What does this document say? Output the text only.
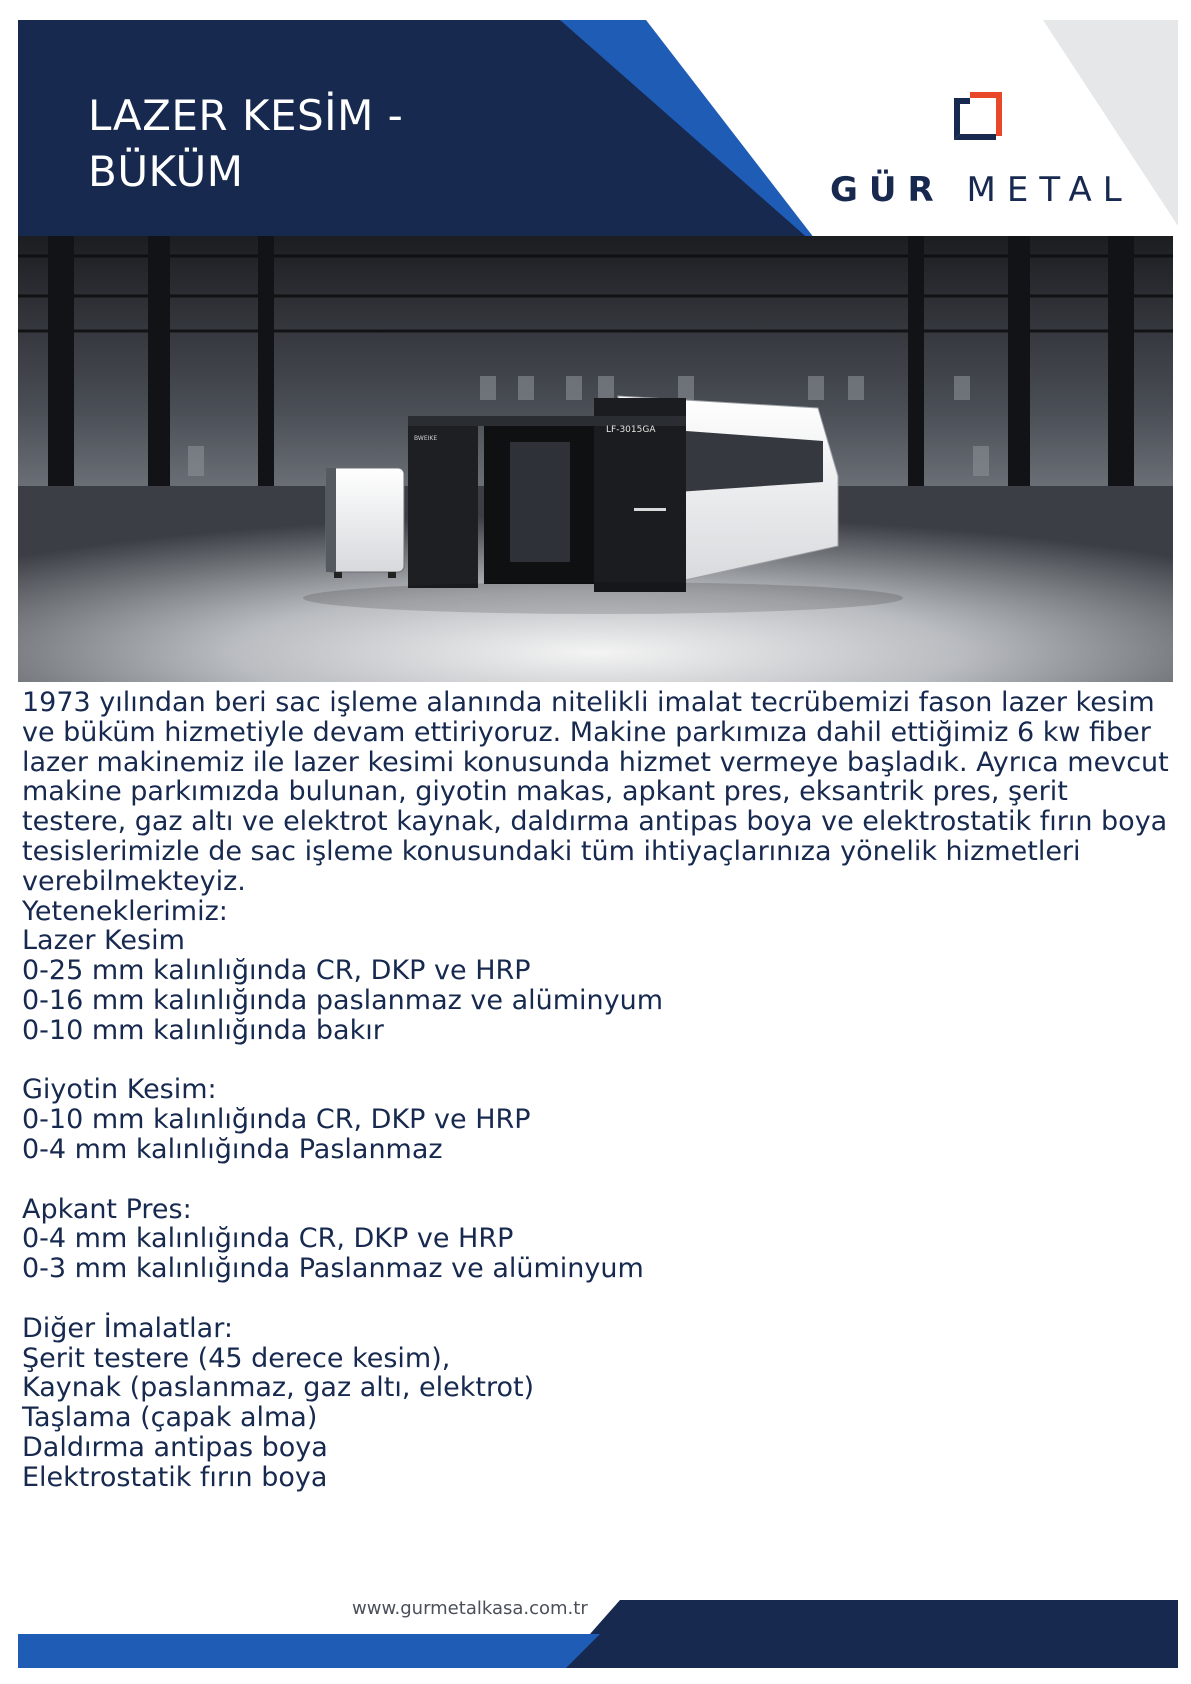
LAZER KESİM -
BÜKÜM	GÜR METAL
LF-3015GA
BWEIKE

1973 yılından beri sac işleme alanında nitelikli imalat tecrübemizi fason lazer kesim ve büküm hizmetiyle devam ettiriyoruz. Makine parkımıza dahil ettiğimiz 6 kw fiber lazer makinemiz ile lazer kesimi konusunda hizmet vermeye başladık. Ayrıca mevcut makine parkımızda bulunan, giyotin makas, apkant pres, eksantrik pres, şerit testere, gaz altı ve elektrot kaynak, daldırma antipas boya ve elektrostatik fırın boya tesislerimizle de sac işleme konusundaki tüm ihtiyaçlarınıza yönelik hizmetleri verebilmekteyiz.

Yeteneklerimiz:
Lazer Kesim
0-25 mm kalınlığında CR, DKP ve HRP
0-16 mm kalınlığında paslanmaz ve alüminyum
0-10 mm kalınlığında bakır
Giyotin Kesim:
0-10 mm kalınlığında CR, DKP ve HRP
0-4 mm kalınlığında Paslanmaz
Apkant Pres:
0-4 mm kalınlığında CR, DKP ve HRP
0-3 mm kalınlığında Paslanmaz ve alüminyum
Diğer İmalatlar:
Şerit testere (45 derece kesim),
Kaynak (paslanmaz, gaz altı, elektrot)
Taşlama (çapak alma)
Daldırma antipas boya
Elektrostatik fırın boya
www.gurmetalkasa.com.tr
